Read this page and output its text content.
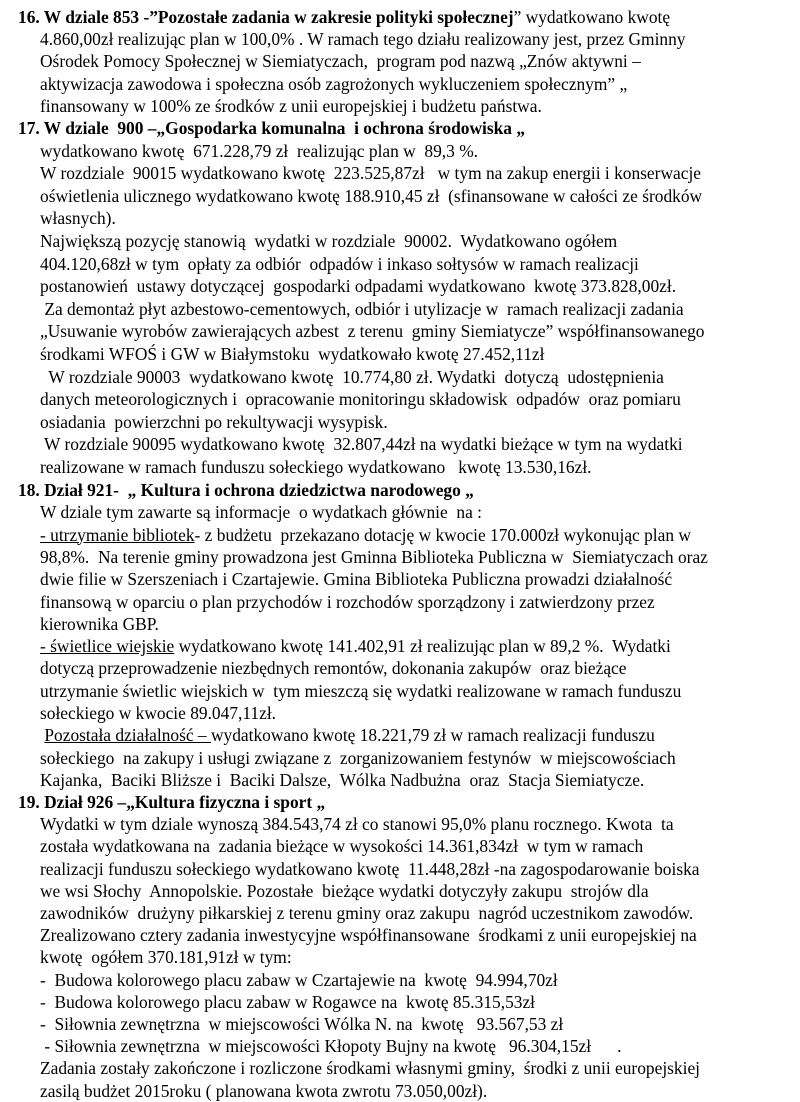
16. W dziale 853 -”Pozostałe zadania w zakresie polityki społecznej” wydatkowano kwotę
4.860,00zł realizując plan w 100,0% . W ramach tego działu realizowany jest, przez Gminny
Ośrodek Pomocy Społecznej w Siemiatyczach,  program pod nazwą „Znów aktywni –
aktywizacja zawodowa i społeczna osób zagrożonych wykluczeniem społecznym” „
finansowany w 100% ze środków z unii europejskiej i budżetu państwa.
17. W dziale  900 –„Gospodarka komunalna  i ochrona środowiska „
wydatkowano kwotę  671.228,79 zł  realizując plan w  89,3 %.
W rozdziale  90015 wydatkowano kwotę  223.525,87zł   w tym na zakup energii i konserwacje
oświetlenia ulicznego wydatkowano kwotę 188.910,45 zł  (sfinansowane w całości ze środków
własnych).
Największą pozycję stanowią  wydatki w rozdziale  90002.  Wydatkowano ogółem
404.120,68zł w tym  opłaty za odbiór  odpadów i inkaso sołtysów w ramach realizacji
postanowień  ustawy dotyczącej  gospodarki odpadami wydatkowano  kwotę 373.828,00zł.
Za demontaż płyt azbestowo-cementowych, odbiór i utylizacje w  ramach realizacji zadania
„Usuwanie wyrobów zawierających azbest  z terenu  gminy Siemiatycze” współfinansowanego
środkami WFOŚ i GW w Białymstoku  wydatkowało kwotę 27.452,11zł
W rozdziale 90003  wydatkowano kwotę  10.774,80 zł. Wydatki  dotyczą  udostępnienia
danych meteorologicznych i  opracowanie monitoringu składowisk  odpadów  oraz pomiaru
osiadania  powierzchni po rekultywacji wysypisk.
W rozdziale 90095 wydatkowano kwotę  32.807,44zł na wydatki bieżące w tym na wydatki
realizowane w ramach funduszu sołeckiego wydatkowano   kwotę 13.530,16zł.
18. Dział 921-  „ Kultura i ochrona dziedzictwa narodowego „
W dziale tym zawarte są informacje  o wydatkach głównie  na :
- utrzymanie bibliotek- z budżetu  przekazano dotację w kwocie 170.000zł wykonując plan w
98,8%.  Na terenie gminy prowadzona jest Gminna Biblioteka Publiczna w  Siemiatyczach oraz
dwie filie w Szerszeniach i Czartajewie. Gmina Biblioteka Publiczna prowadzi działalność
finansową w oparciu o plan przychodów i rozchodów sporządzony i zatwierdzony przez
kierownika GBP.
- świetlice wiejskie wydatkowano kwotę 141.402,91 zł realizując plan w 89,2 %.  Wydatki
dotyczą przeprowadzenie niezbędnych remontów, dokonania zakupów  oraz bieżące
utrzymanie świetlic wiejskich w  tym mieszczą się wydatki realizowane w ramach funduszu
sołeckiego w kwocie 89.047,11zł.
Pozostała działalność – wydatkowano kwotę 18.221,79 zł w ramach realizacji funduszu
sołeckiego  na zakupy i usługi związane z  zorganizowaniem festynów  w miejscowościach
Kajanka,  Baciki Bliższe i  Baciki Dalsze,  Wólka Nadbużna  oraz  Stacja Siemiatycze.
19. Dział 926 –„Kultura fizyczna i sport „
Wydatki w tym dziale wynoszą 384.543,74 zł co stanowi 95,0% planu rocznego. Kwota  ta
została wydatkowana na  zadania bieżące w wysokości 14.361,834zł  w tym w ramach
realizacji funduszu sołeckiego wydatkowano kwotę  11.448,28zł -na zagospodarowanie boiska
we wsi Słochy  Annopolskie. Pozostałe  bieżące wydatki dotyczyły zakupu  strojów dla
zawodników  drużyny piłkarskiej z terenu gminy oraz zakupu  nagród uczestnikom zawodów.
Zrealizowano cztery zadania inwestycyjne współfinansowane  środkami z unii europejskiej na
kwotę  ogółem 370.181,91zł w tym:
-  Budowa kolorowego placu zabaw w Czartajewie na  kwotę  94.994,70zł
-  Budowa kolorowego placu zabaw w Rogawce na  kwotę 85.315,53zł
-  Siłownia zewnętrzna  w miejscowości Wólka N. na  kwotę   93.567,53 zł
- Siłownia zewnętrzna  w miejscowości Kłopoty Bujny na kwotę   96.304,15zł      .
Zadania zostały zakończone i rozliczone środkami własnymi gminy,  środki z unii europejskiej
zasilą budżet 2015roku ( planowana kwota zwrotu 73.050,00zł).
